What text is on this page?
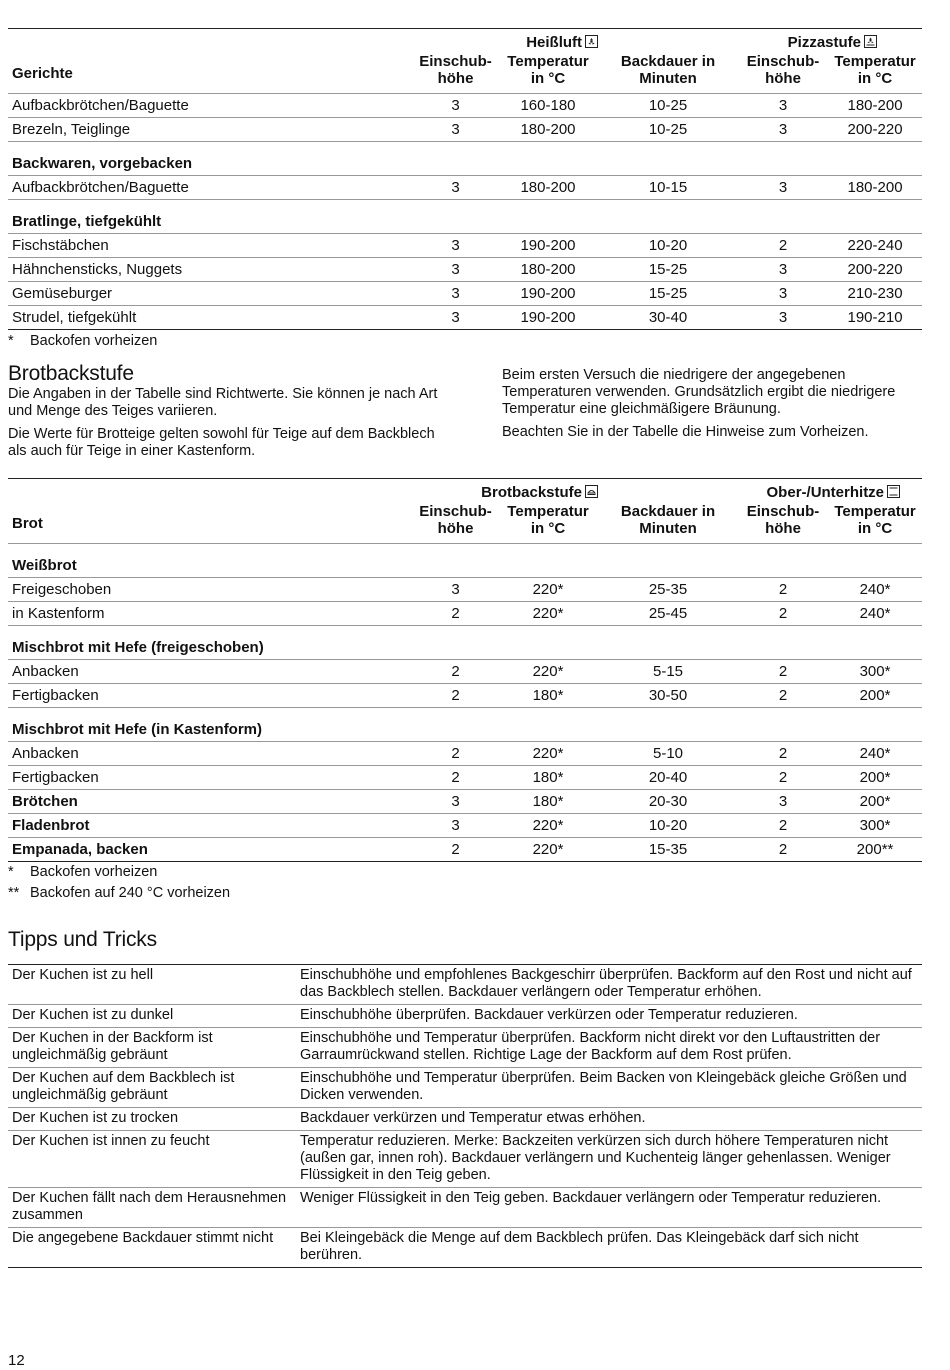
	Heißluft			Pizzastufe	

Gerichte	Einschub-höhe	Temperatur in °C	Backdauer in Minuten	Einschub-höhe	Temperatur in °C
Aufbackbrötchen/Baguette	3	160-180	10-25	3	180-200
Brezeln, Teiglinge	3	180-200	10-25	3	200-220
Backwaren, vorgebacken					
Aufbackbrötchen/Baguette	3	180-200	10-15	3	180-200
Bratlinge, tiefgekühlt					
Fischstäbchen	3	190-200	10-20	2	220-240
Hähnchensticks, Nuggets	3	180-200	15-25	3	200-220
Gemüseburger	3	190-200	15-25	3	210-230
Strudel, tiefgekühlt	3	190-200	30-40	3	190-210

* Backofen vorheizen

Brotbackstufe

Die Angaben in der Tabelle sind Richtwerte. Sie können je nach Art und Menge des Teiges variieren.

Die Werte für Brotteige gelten sowohl für Teige auf dem Backblech als auch für Teige in einer Kastenform.

Beim ersten Versuch die niedrigere der angegebenen Temperaturen verwenden. Grundsätzlich ergibt die niedrigere Temperatur eine gleichmäßigere Bräunung.

Beachten Sie in der Tabelle die Hinweise zum Vorheizen.

	Brotbackstufe			Ober-/Unterhitze	

Brot	Einschub-höhe	Temperatur in °C	Backdauer in Minuten	Einschub-höhe	Temperatur in °C
Weißbrot					
Freigeschoben	3	220*	25-35	2	240*
in Kastenform	2	220*	25-45	2	240*
Mischbrot mit Hefe (freigeschoben)					
Anbacken	2	220*	5-15	2	300*
Fertigbacken	2	180*	30-50	2	200*
Mischbrot mit Hefe (in Kastenform)					
Anbacken	2	220*	5-10	2	240*
Fertigbacken	2	180*	20-40	2	200*
Brötchen	3	180*	20-30	3	200*
Fladenbrot	3	220*	10-20	2	300*
Empanada, backen	2	220*	15-35	2	200**

* Backofen vorheizen

** Backofen auf 240 °C vorheizen

Tipps und Tricks
Der Kuchen ist zu hell	Einschubhöhe und empfohlenes Backgeschirr überprüfen. Backform auf den Rost und nicht auf das Backblech stellen. Backdauer verlängern oder Temperatur erhöhen.
Der Kuchen ist zu dunkel	Einschubhöhe überprüfen. Backdauer verkürzen oder Temperatur reduzieren.
Der Kuchen in der Backform ist ungleichmäßig gebräunt	Einschubhöhe und Temperatur überprüfen. Backform nicht direkt vor den Luftaustritten der Garraumrückwand stellen. Richtige Lage der Backform auf dem Rost prüfen.
Der Kuchen auf dem Backblech ist ungleichmäßig gebräunt	Einschubhöhe und Temperatur überprüfen. Beim Backen von Kleingebäck gleiche Größen und Dicken verwenden.
Der Kuchen ist zu trocken	Backdauer verkürzen und Temperatur etwas erhöhen.
Der Kuchen ist innen zu feucht	Temperatur reduzieren. Merke: Backzeiten verkürzen sich durch höhere Temperaturen nicht (außen gar, innen roh). Backdauer verlängern und Kuchenteig länger gehenlassen. Weniger Flüssigkeit in den Teig geben.
Der Kuchen fällt nach dem Herausnehmen zusammen	Weniger Flüssigkeit in den Teig geben. Backdauer verlängern oder Temperatur reduzieren.
Die angegebene Backdauer stimmt nicht	Bei Kleingebäck die Menge auf dem Backblech prüfen. Das Kleingebäck darf sich nicht berühren.
12
